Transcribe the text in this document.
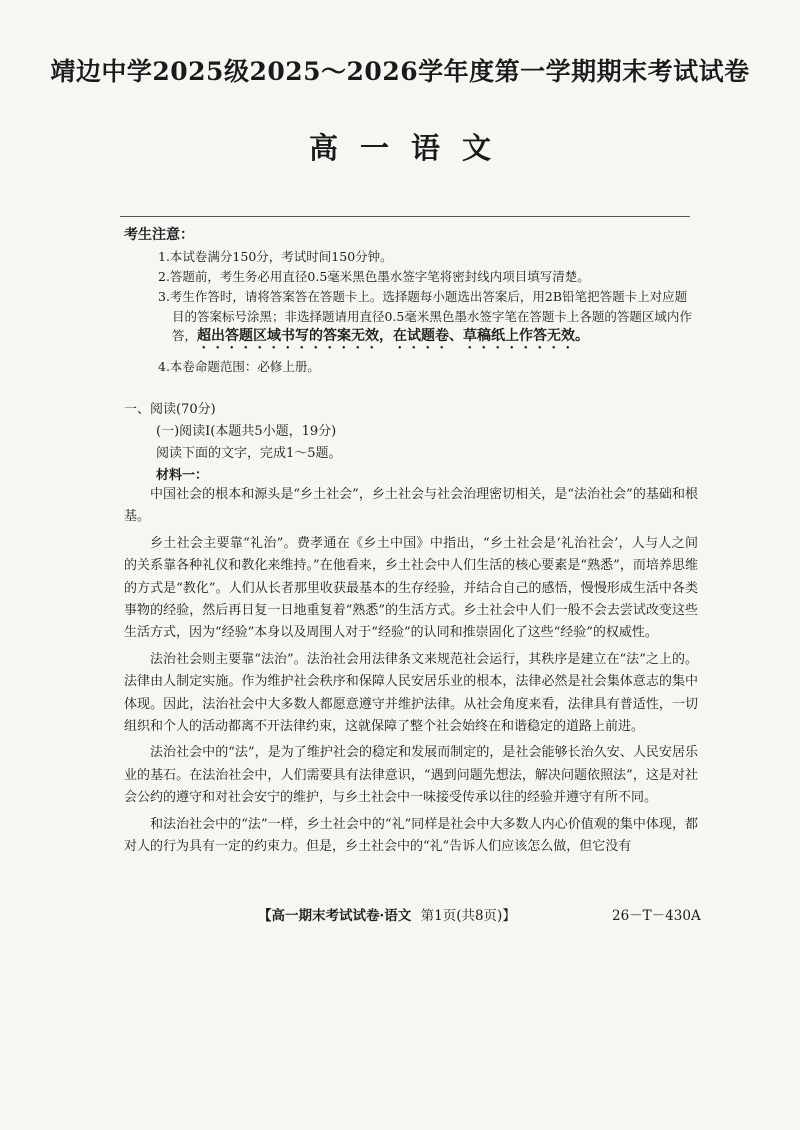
靖边中学2025级2025～2026学年度第一学期期末考试试卷
高一语文
考生注意：
1.本试卷满分150分，考试时间150分钟。
2.答题前，考生务必用直径0.5毫米黑色墨水签字笔将密封线内项目填写清楚。
3.考生作答时，请将答案答在答题卡上。选择题每小题选出答案后，用2B铅笔把答题卡上对应题目的答案标号涂黑；非选择题请用直径0.5毫米黑色墨水签字笔在答题卡上各题的答题区域内作答，超出答题区域书写的答案无效，在试题卷、草稿纸上作答无效。
4.本卷命题范围：必修上册。
一、阅读(70分)
(一)阅读Ⅰ(本题共5小题，19分)
阅读下面的文字，完成1～5题。
材料一：

中国社会的根本和源头是“乡土社会”，乡土社会与社会治理密切相关，是“法治社会”的基础和根基。

乡土社会主要靠“礼治”。费孝通在《乡土中国》中指出，“乡土社会是‘礼治社会’，人与人之间的关系靠各种礼仪和教化来维持。”在他看来，乡土社会中人们生活的核心要素是“熟悉”，而培养思维的方式是“教化”。人们从长者那里收获最基本的生存经验，并结合自己的感悟，慢慢形成生活中各类事物的经验，然后再日复一日地重复着“熟悉”的生活方式。乡土社会中人们一般不会去尝试改变这些生活方式，因为“经验”本身以及周围人对于“经验”的认同和推崇固化了这些“经验”的权威性。

法治社会则主要靠“法治”。法治社会用法律条文来规范社会运行，其秩序是建立在“法”之上的。法律由人制定实施。作为维护社会秩序和保障人民安居乐业的根本，法律必然是社会集体意志的集中体现。因此，法治社会中大多数人都愿意遵守并维护法律。从社会角度来看，法律具有普适性，一切组织和个人的活动都离不开法律约束，这就保障了整个社会始终在和谐稳定的道路上前进。

法治社会中的“法”，是为了维护社会的稳定和发展而制定的，是社会能够长治久安、人民安居乐业的基石。在法治社会中，人们需要具有法律意识，“遇到问题先想法，解决问题依照法”，这是对社会公约的遵守和对社会安宁的维护，与乡土社会中一味接受传承以往的经验并遵守有所不同。

和法治社会中的“法”一样，乡土社会中的“礼”同样是社会中大多数人内心价值观的集中体现，都对人的行为具有一定的约束力。但是，乡土社会中的“礼”告诉人们应该怎么做，但它没有

【高一期末考试试卷·语文 第1页(共8页)】	26－T－430A
